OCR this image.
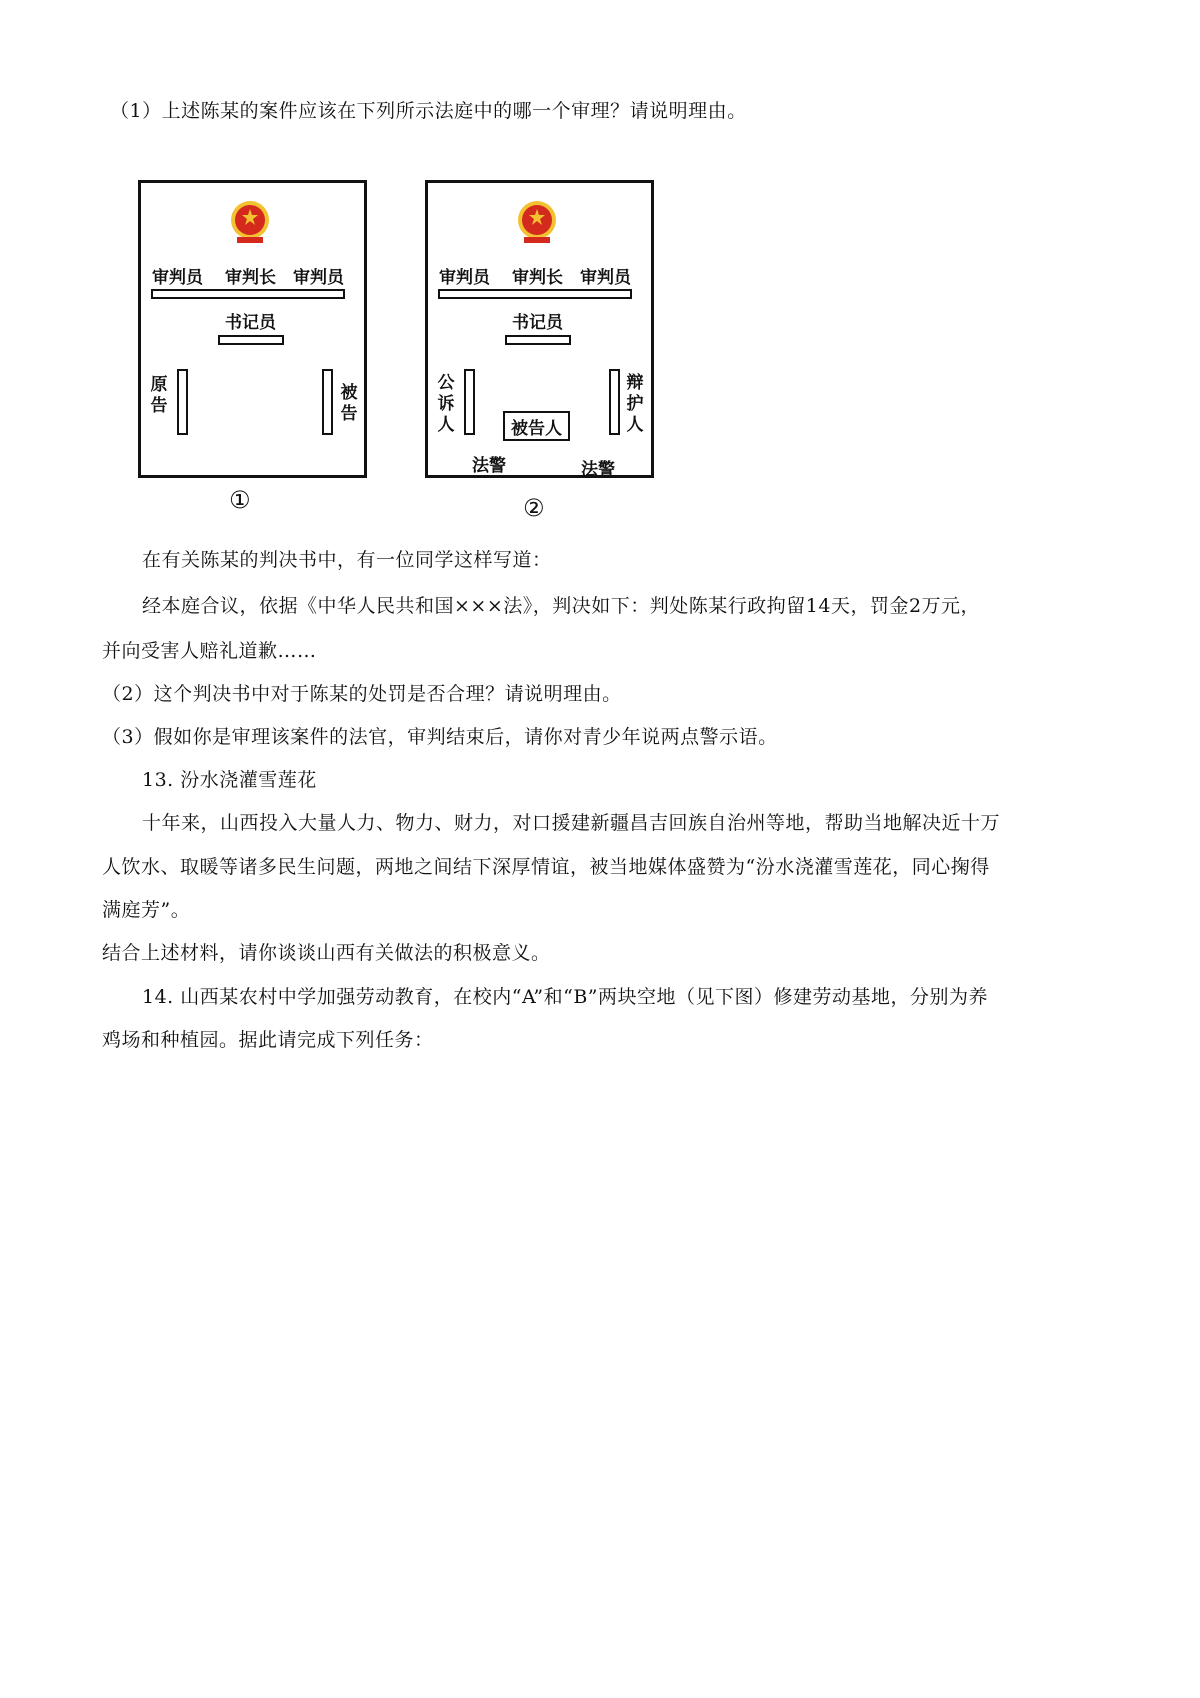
（1）上述陈某的案件应该在下列所示法庭中的哪一个审理？请说明理由。
审判员 审判长 审判员
书记员
原告
被告
①
审判员 审判长 审判员
书记员
公诉人
辩护人
被告人
法警	法警
②
在有关陈某的判决书中，有一位同学这样写道：
经本庭合议，依据《中华人民共和国×××法》，判决如下：判处陈某行政拘留14天，罚金2万元，
并向受害人赔礼道歉……
（2）这个判决书中对于陈某的处罚是否合理？请说明理由。
（3）假如你是审理该案件的法官，审判结束后，请你对青少年说两点警示语。
13. 汾水浇灌雪莲花
十年来，山西投入大量人力、物力、财力，对口援建新疆昌吉回族自治州等地，帮助当地解决近十万
人饮水、取暖等诸多民生问题，两地之间结下深厚情谊，被当地媒体盛赞为“汾水浇灌雪莲花，同心掬得
满庭芳”。
结合上述材料，请你谈谈山西有关做法的积极意义。
14. 山西某农村中学加强劳动教育，在校内“A”和“B”两块空地（见下图）修建劳动基地，分别为养
鸡场和种植园。据此请完成下列任务：
